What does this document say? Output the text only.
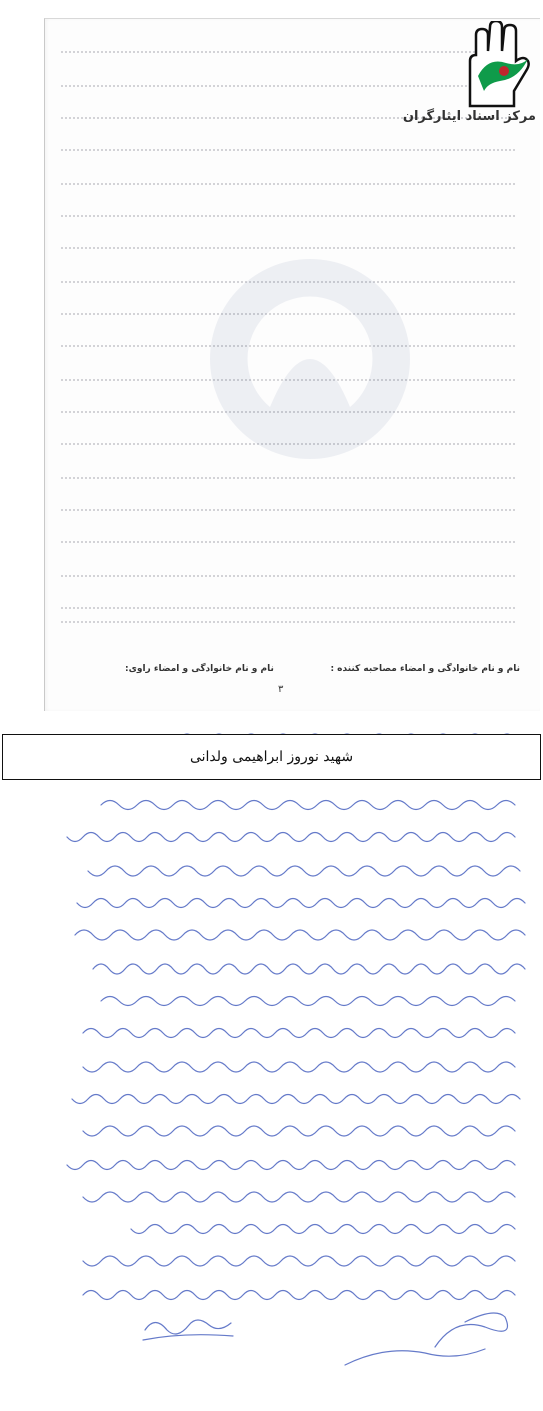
مرکز اسناد ایثارگران
نام و نام خانوادگی و امضاء مصاحبه کننده :
نام و نام خانوادگی و امضاء راوی:
۳
شهید نوروز ابراهیمی ولدانی
